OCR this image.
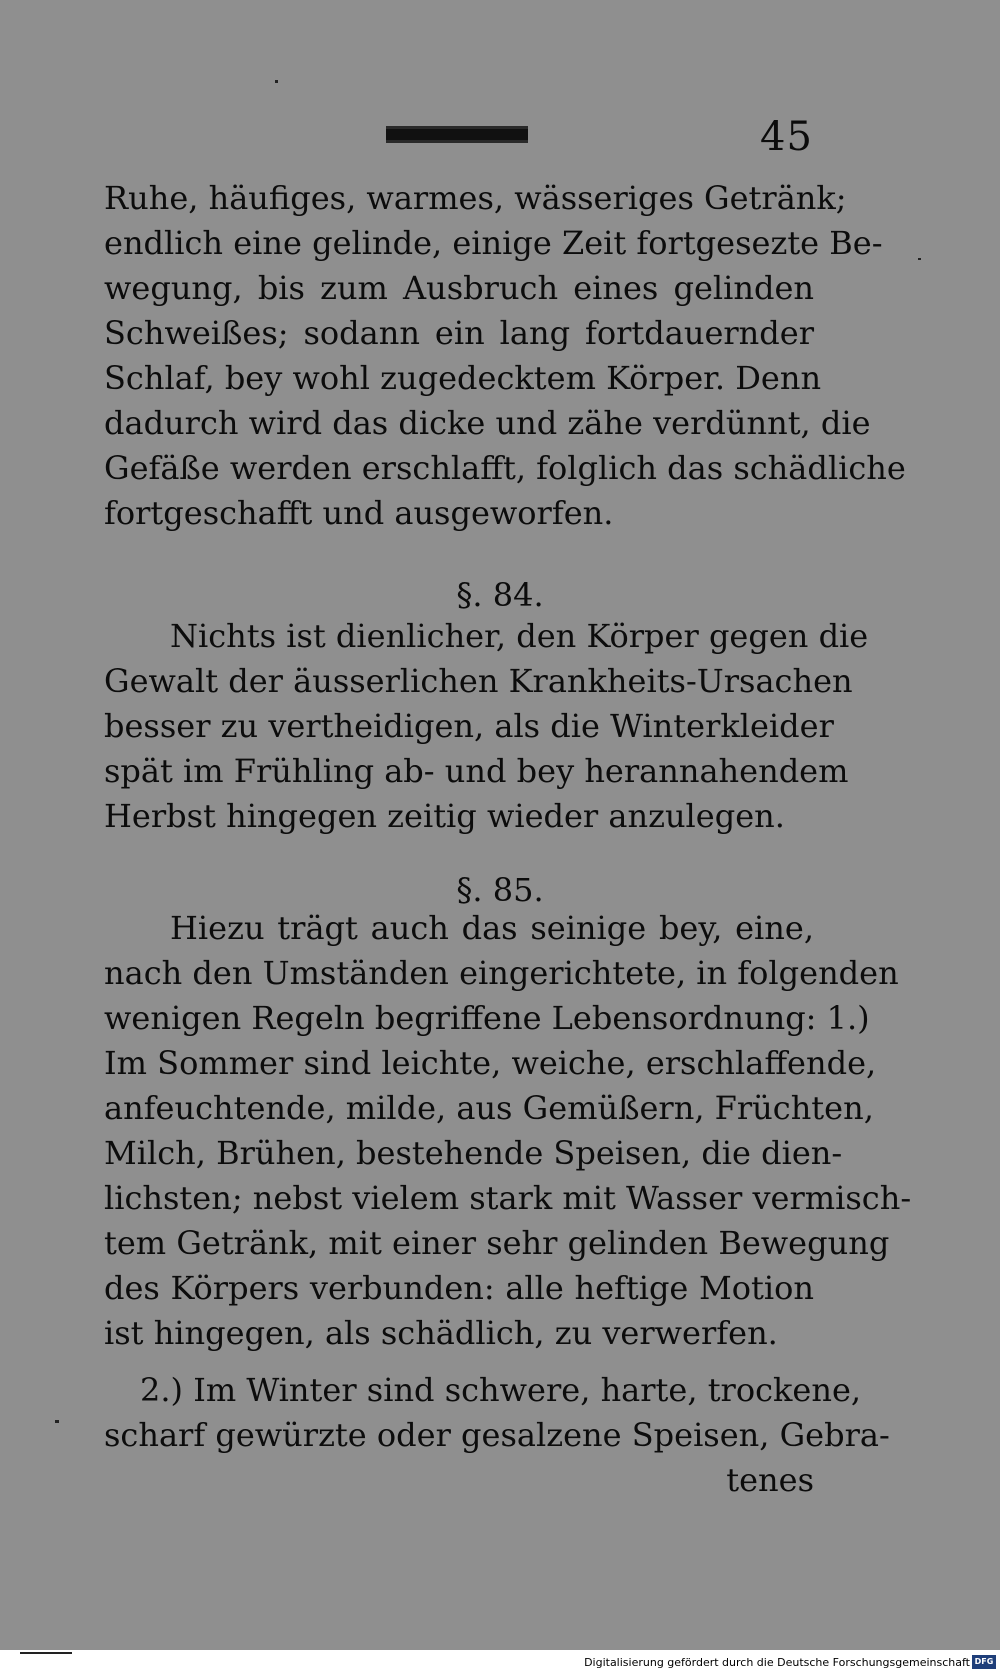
45
Ruhe, häufiges, warmes, wässeriges Getränk;
endlich eine gelinde, einige Zeit fortgesezte Be-
wegung, bis zum Ausbruch eines gelinden
Schweißes; sodann ein lang fortdauernder
Schlaf, bey wohl zugedecktem Körper. Denn
dadurch wird das dicke und zähe verdünnt, die
Gefäße werden erschlafft, folglich das schädliche
fortgeschafft und ausgeworfen.
§. 84.
Nichts ist dienlicher, den Körper gegen die
Gewalt der äusserlichen Krankheits-Ursachen
besser zu vertheidigen, als die Winterkleider
spät im Frühling ab- und bey herannahendem
Herbst hingegen zeitig wieder anzulegen.
§. 85.
Hiezu trägt auch das seinige bey, eine,
nach den Umständen eingerichtete, in folgenden
wenigen Regeln begriffene Lebensordnung: 1.)
Im Sommer sind leichte, weiche, erschlaffende,
anfeuchtende, milde, aus Gemüßern, Früchten,
Milch, Brühen, bestehende Speisen, die dien-
lichsten; nebst vielem stark mit Wasser vermisch-
tem Getränk, mit einer sehr gelinden Bewegung
des Körpers verbunden: alle heftige Motion
ist hingegen, als schädlich, zu verwerfen.
2.) Im Winter sind schwere, harte, trockene,
scharf gewürzte oder gesalzene Speisen, Gebra-
tenes
Digitalisierung gefördert durch die Deutsche Forschungsgemeinschaft DFG
